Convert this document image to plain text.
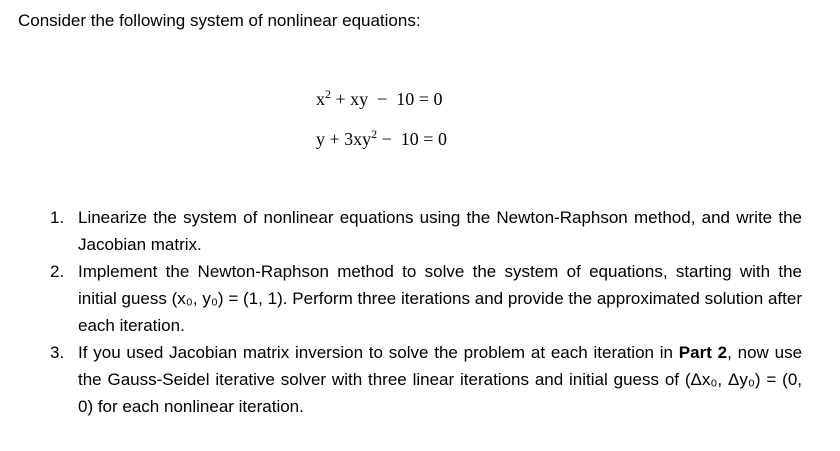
Consider the following system of nonlinear equations:
$x^2$ + xy  −  10 = 0
$y + 3xy^2 - 10 = 0$
1. Linearize the system of nonlinear equations using the Newton-Raphson method, and write the Jacobian matrix.
2. Implement the Newton-Raphson method to solve the system of equations, starting with the initial guess (x₀, y₀) = (1, 1). Perform three iterations and provide the approximated solution after each iteration.
3. If you used Jacobian matrix inversion to solve the problem at each iteration in Part 2, now use the Gauss-Seidel iterative solver with three linear iterations and initial guess of (Δx₀, Δy₀) = (0, 0) for each nonlinear iteration.
